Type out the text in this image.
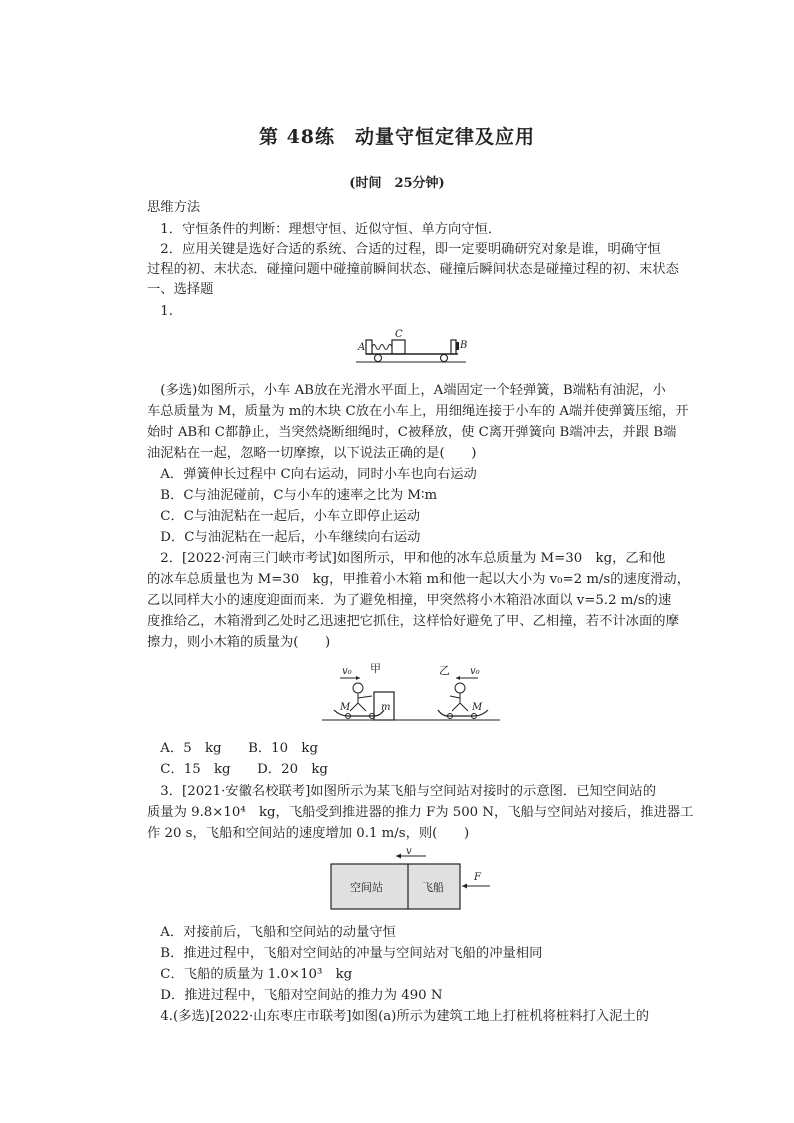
第 48练　动量守恒定律及应用
(时间　25分钟)
思维方法
　1．守恒条件的判断：理想守恒、近似守恒、单方向守恒．
　2．应用关键是选好合适的系统、合适的过程，即一定要明确研究对象是谁，明确守恒
过程的初、末状态．碰撞问题中碰撞前瞬间状态、碰撞后瞬间状态是碰撞过程的初、末状态
一、选择题
　1.
A	B
C
　(多选)如图所示，小车 AB放在光滑水平面上，A端固定一个轻弹簧，B端粘有油泥，小
车总质量为 M，质量为 m的木块 C放在小车上，用细绳连接于小车的 A端并使弹簧压缩，开
始时 AB和 C都静止，当突然烧断细绳时，C被释放，使 C离开弹簧向 B端冲去，并跟 B端
油泥粘在一起，忽略一切摩擦，以下说法正确的是(　　)
　A．弹簧伸长过程中 C向右运动，同时小车也向右运动
　B．C与油泥碰前，C与小车的速率之比为 M∶m
　C．C与油泥粘在一起后，小车立即停止运动
　D．C与油泥粘在一起后，小车继续向右运动
　2．[2022·河南三门峡市考试]如图所示，甲和他的冰车总质量为 M=30　kg，乙和他
的冰车总质量也为 M=30　kg，甲推着小木箱 m和他一起以大小为 v₀=2 m/s的速度滑动，
乙以同样大小的速度迎面而来．为了避免相撞，甲突然将小木箱沿冰面以 v=5.2 m/s的速
度推给乙，木箱滑到乙处时乙迅速把它抓住，这样恰好避免了甲、乙相撞，若不计冰面的摩
擦力，则小木箱的质量为(　　)
甲
v₀
M	m
乙 v₀
M
　A．5　kg　　B．10　kg
　C．15　kg　　D．20　kg
　3．[2021·安徽名校联考]如图所示为某飞船与空间站对接时的示意图．已知空间站的
质量为 9.8×10⁴　kg，飞船受到推进器的推力 F为 500 N，飞船与空间站对接后，推进器工
作 20 s，飞船和空间站的速度增加 0.1 m/s，则(　　)
v
空间站	飞船
F
　A．对接前后，飞船和空间站的动量守恒
　B．推进过程中，飞船对空间站的冲量与空间站对飞船的冲量相同
　C．飞船的质量为 1.0×10³　kg
　D．推进过程中，飞船对空间站的推力为 490 N
　4.(多选)[2022·山东枣庄市联考]如图(a)所示为建筑工地上打桩机将桩料打入泥土的
